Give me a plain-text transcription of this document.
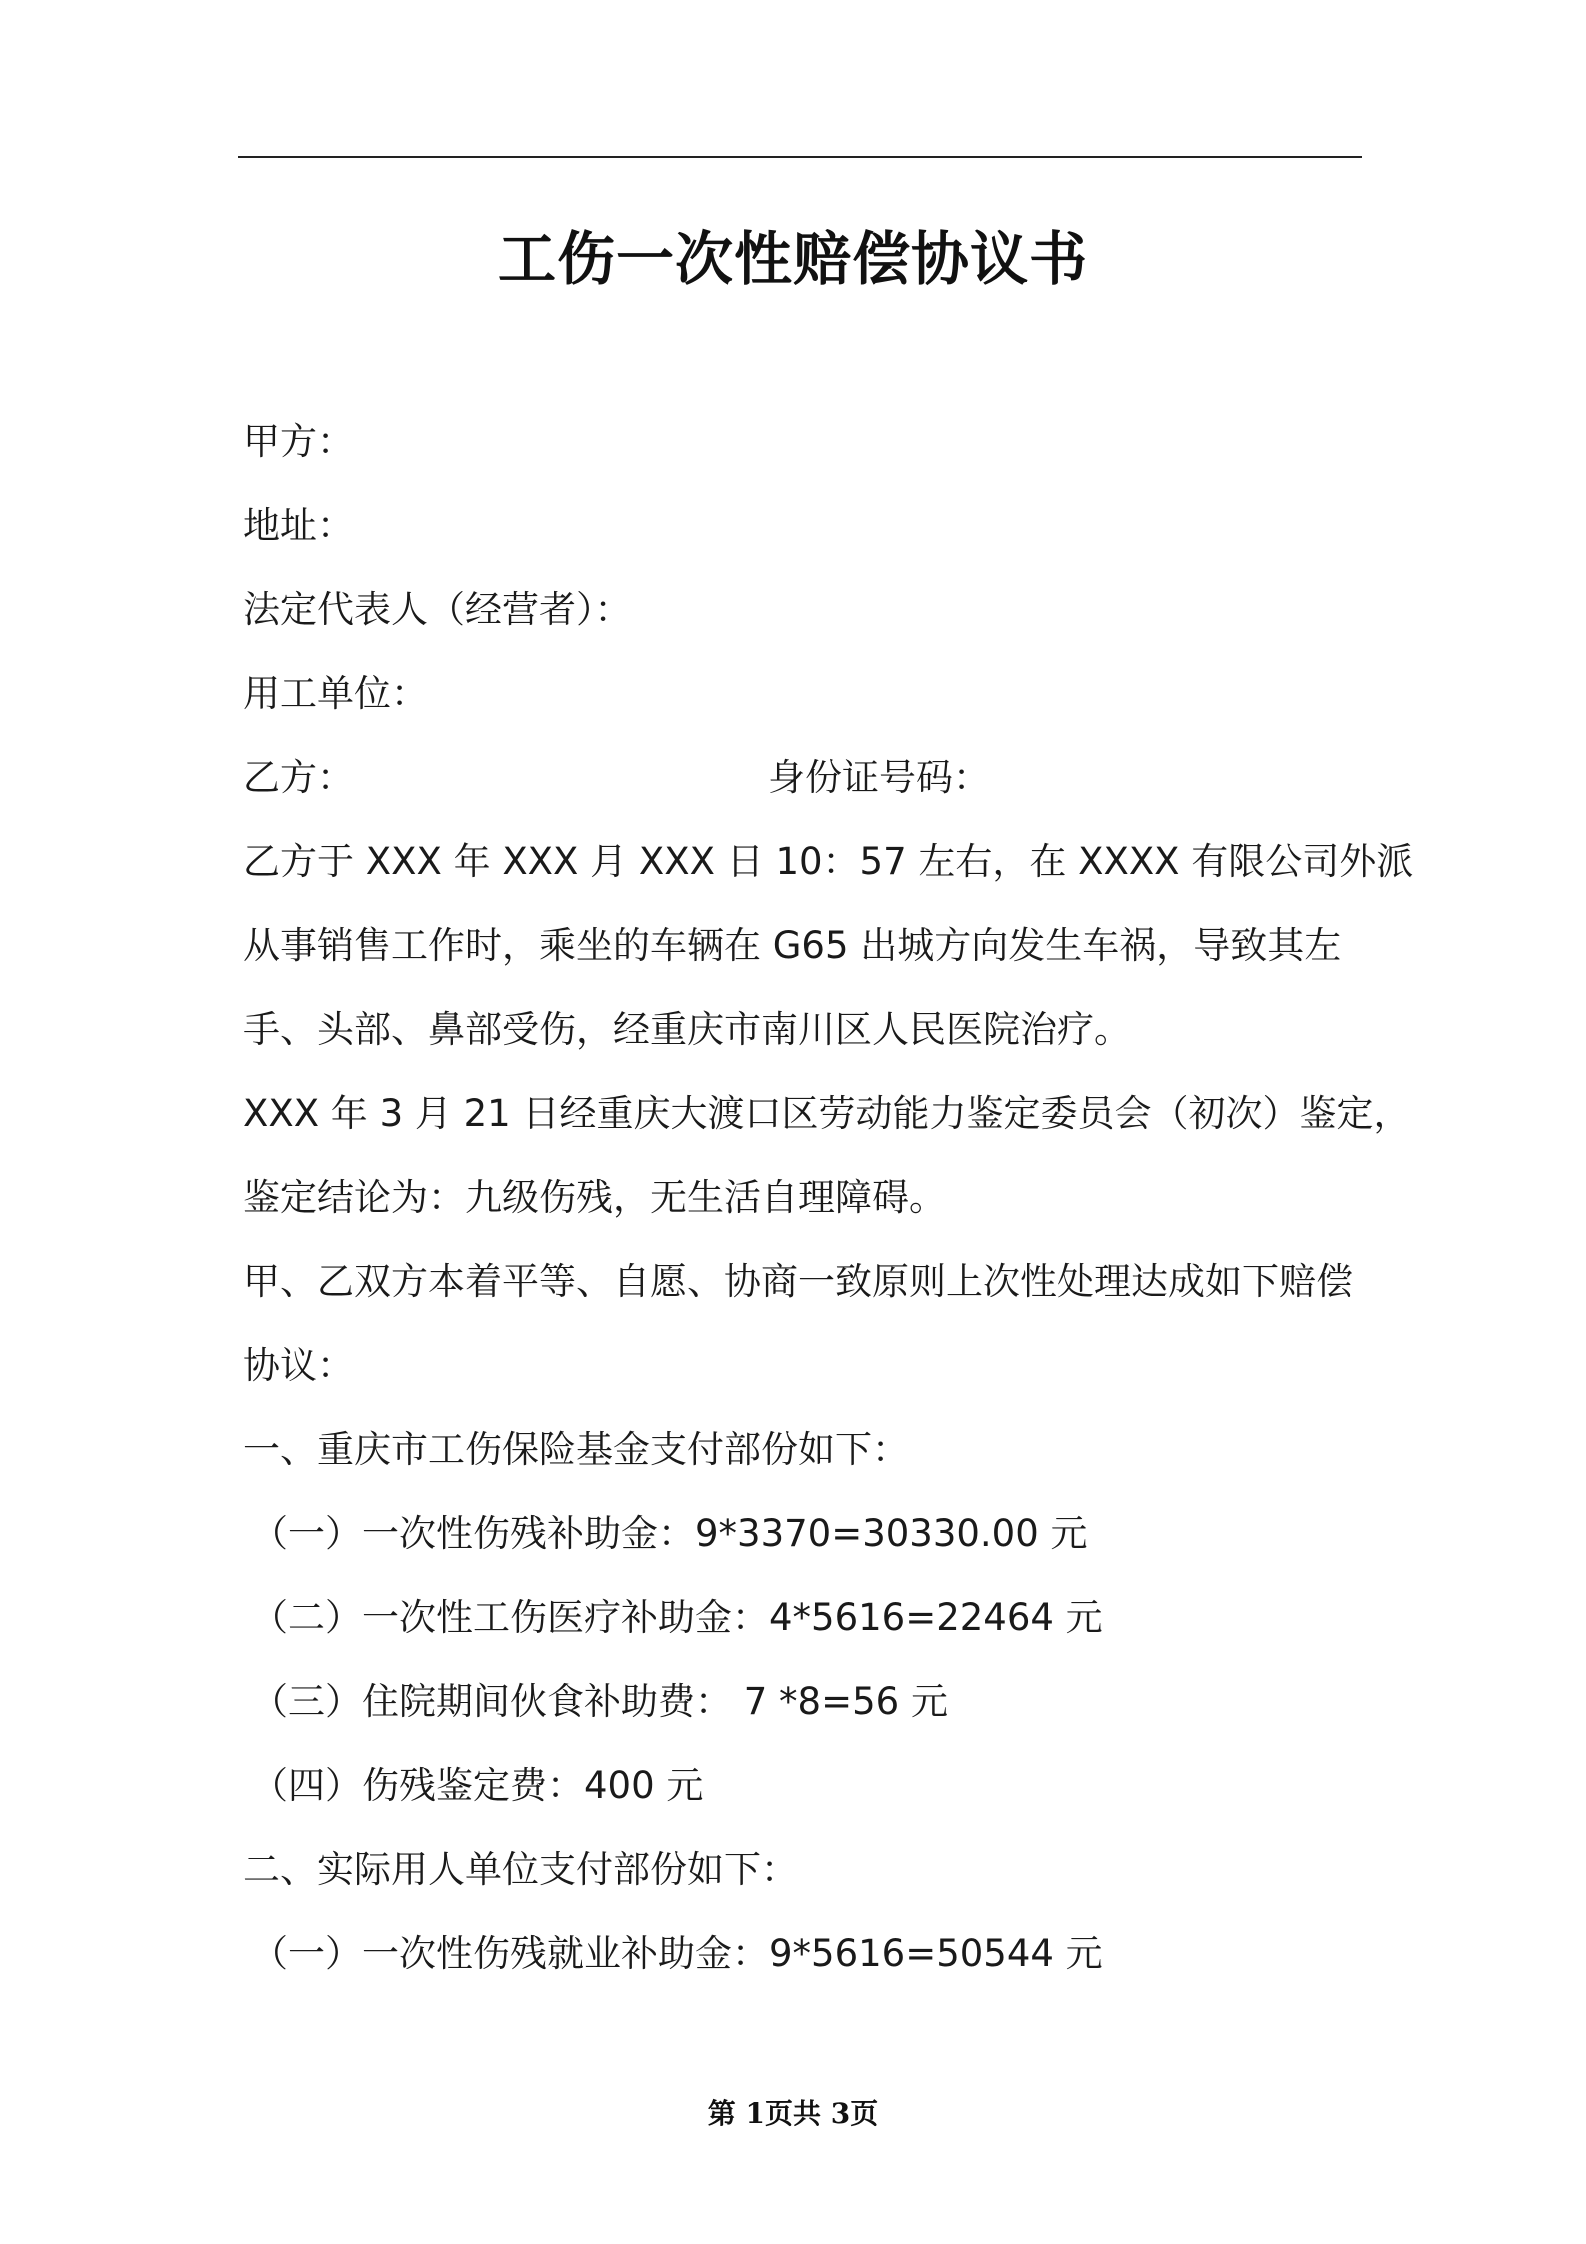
工伤一次性赔偿协议书
甲方：
地址：
法定代表人（经营者）：
用工单位：
乙方：	身份证号码：
乙方于 XXX 年 XXX 月 XXX 日 10：57 左右，在 XXXX 有限公司外派
从事销售工作时，乘坐的车辆在 G65 出城方向发生车祸，导致其左
手、头部、鼻部受伤，经重庆市南川区人民医院治疗。
XXX 年 3 月 21 日经重庆大渡口区劳动能力鉴定委员会（初次）鉴定，
鉴定结论为：九级伤残，无生活自理障碍。
甲、乙双方本着平等、自愿、协商一致原则上次性处理达成如下赔偿
协议：
一、重庆市工伤保险基金支付部份如下：
（一）一次性伤残补助金：9*3370=30330.00 元
（二）一次性工伤医疗补助金：4*5616=22464 元
（三）住院期间伙食补助费： 7 *8=56 元
（四）伤残鉴定费：400 元
二、实际用人单位支付部份如下：
（一）一次性伤残就业补助金：9*5616=50544 元
第 1页共 3页
